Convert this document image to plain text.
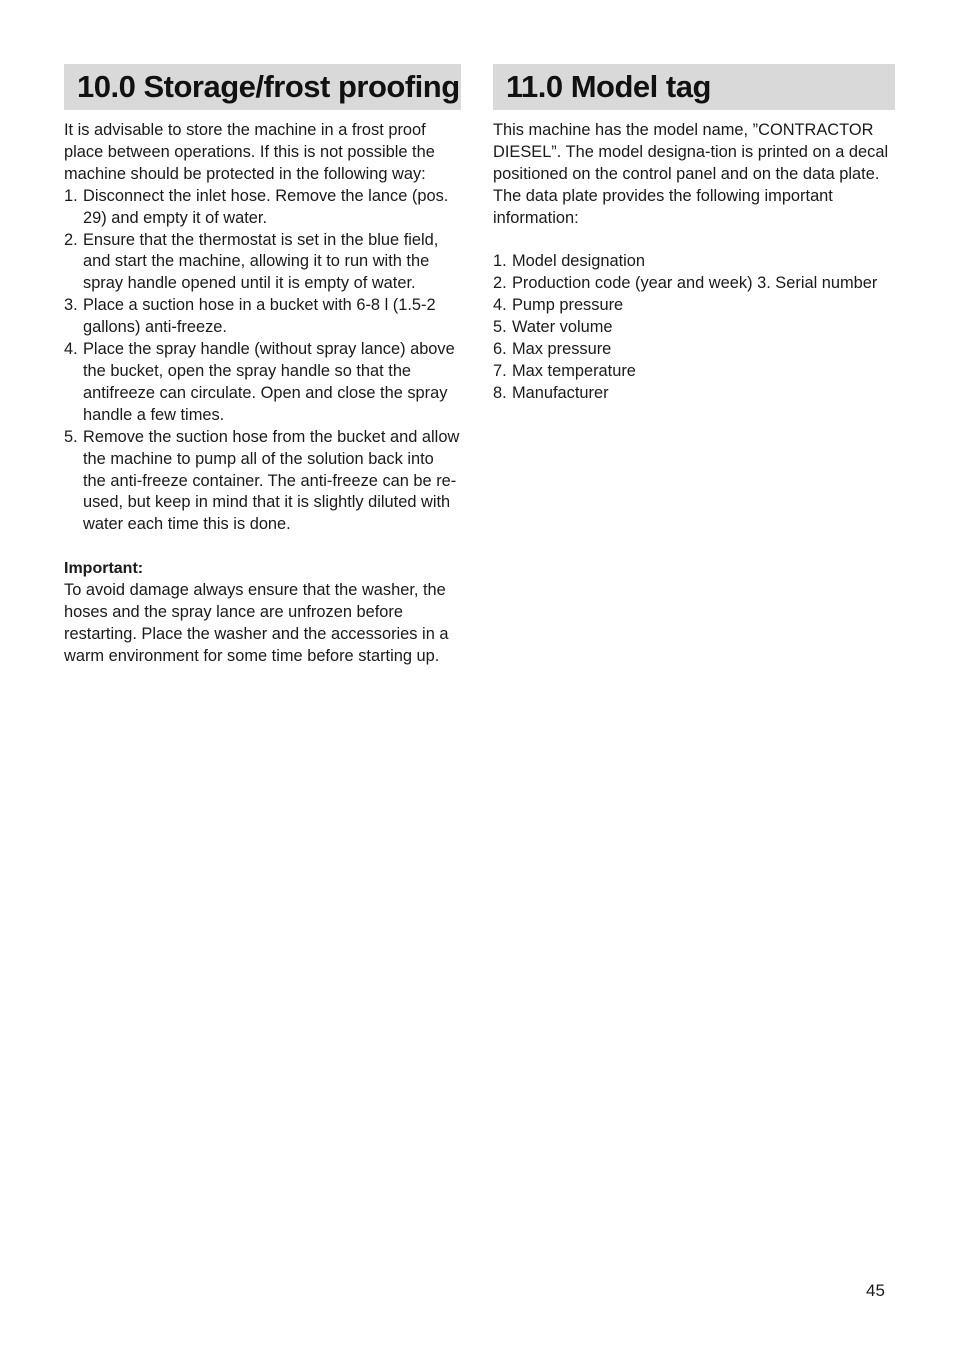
10.0 Storage/frost proofing

It is advisable to store the machine in a frost proof place between operations. If this is not possible the machine should be protected in the following way:

1. Disconnect the inlet hose. Remove the lance (pos. 29) and empty it of water.
2. Ensure that the thermostat is set in the blue field, and start the machine, allowing it to run with the spray handle opened until it is empty of water.
3. Place a suction hose in a bucket with 6-8 l (1.5-2 gallons) anti-freeze.
4. Place the spray handle (without spray lance) above the bucket, open the spray handle so that the antifreeze can circulate. Open and close the spray handle a few times.
5. Remove the suction hose from the bucket and allow the machine to pump all of the solution back into the anti-freeze container. The anti-freeze can be re-used, but keep in mind that it is slightly diluted with water each time this is done.

Important:

To avoid damage always ensure that the washer, the hoses and the spray lance are unfrozen before restarting. Place the washer and the accessories in a warm environment for some time before starting up.

11.0 Model tag

This machine has the model name, ”CONTRACTOR DIESEL”. The model designa-tion is printed on a decal positioned on the control panel and on the data plate. The data plate provides the following important information:

1. Model designation
2. Production code (year and week) 3. Serial number
4. Pump pressure
5. Water volume
6. Max pressure
7. Max temperature
8. Manufacturer
45
